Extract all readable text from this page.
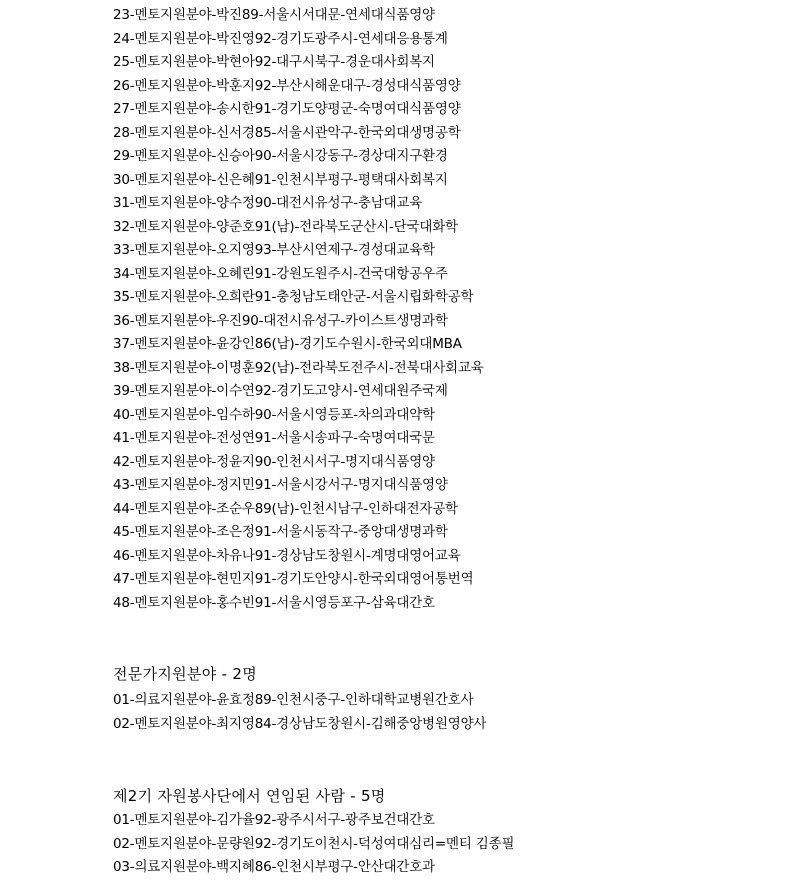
23-멘토지원분야-박진89-서울시서대문-연세대식품영양
24-멘토지원분야-박진영92-경기도광주시-연세대응용통계
25-멘토지원분야-박현아92-대구시북구-경운대사회복지
26-멘토지원분야-박훈지92-부산시해운대구-경성대식품영양
27-멘토지원분야-송시한91-경기도양평군-숙명여대식품영양
28-멘토지원분야-신서경85-서울시관악구-한국외대생명공학
29-멘토지원분야-신승아90-서울시강동구-경상대지구환경
30-멘토지원분야-신은혜91-인천시부평구-평택대사회복지
31-멘토지원분야-양수정90-대전시유성구-충남대교육
32-멘토지원분야-양준호91(남)-전라북도군산시-단국대화학
33-멘토지원분야-오지영93-부산시연제구-경성대교육학
34-멘토지원분야-오혜린91-강원도원주시-건국대항공우주
35-멘토지원분야-오희란91-충청남도태안군-서울시립화학공학
36-멘토지원분야-우진90-대전시유성구-카이스트생명과학
37-멘토지원분야-윤강인86(남)-경기도수원시-한국외대MBA
38-멘토지원분야-이명훈92(남)-전라북도전주시-전북대사회교육
39-멘토지원분야-이수연92-경기도고양시-연세대원주국제
40-멘토지원분야-임수하90-서울시영등포-차의과대약학
41-멘토지원분야-전성연91-서울시송파구-숙명여대국문
42-멘토지원분야-정윤지90-인천시서구-명지대식품영양
43-멘토지원분야-정지민91-서울시강서구-명지대식품영양
44-멘토지원분야-조순우89(남)-인천시남구-인하대전자공학
45-멘토지원분야-조은정91-서울시동작구-중앙대생명과학
46-멘토지원분야-차유나91-경상남도창원시-계명대영어교육
47-멘토지원분야-현민지91-경기도안양시-한국외대영어통번역
48-멘토지원분야-홍수빈91-서울시영등포구-삼육대간호
전문가지원분야 - 2명
01-의료지원분야-윤효정89-인천시중구-인하대학교병원간호사
02-멘토지원분야-최지영84-경상남도창원시-김해중앙병원영양사
제2기 자원봉사단에서 연임된 사람 - 5명
01-멘토지원분야-김가율92-광주시서구-광주보건대간호
02-멘토지원분야-문량원92-경기도이천시-덕성여대심리=멘티 김종필
03-의료지원분야-백지혜86-인천시부평구-안산대간호과
